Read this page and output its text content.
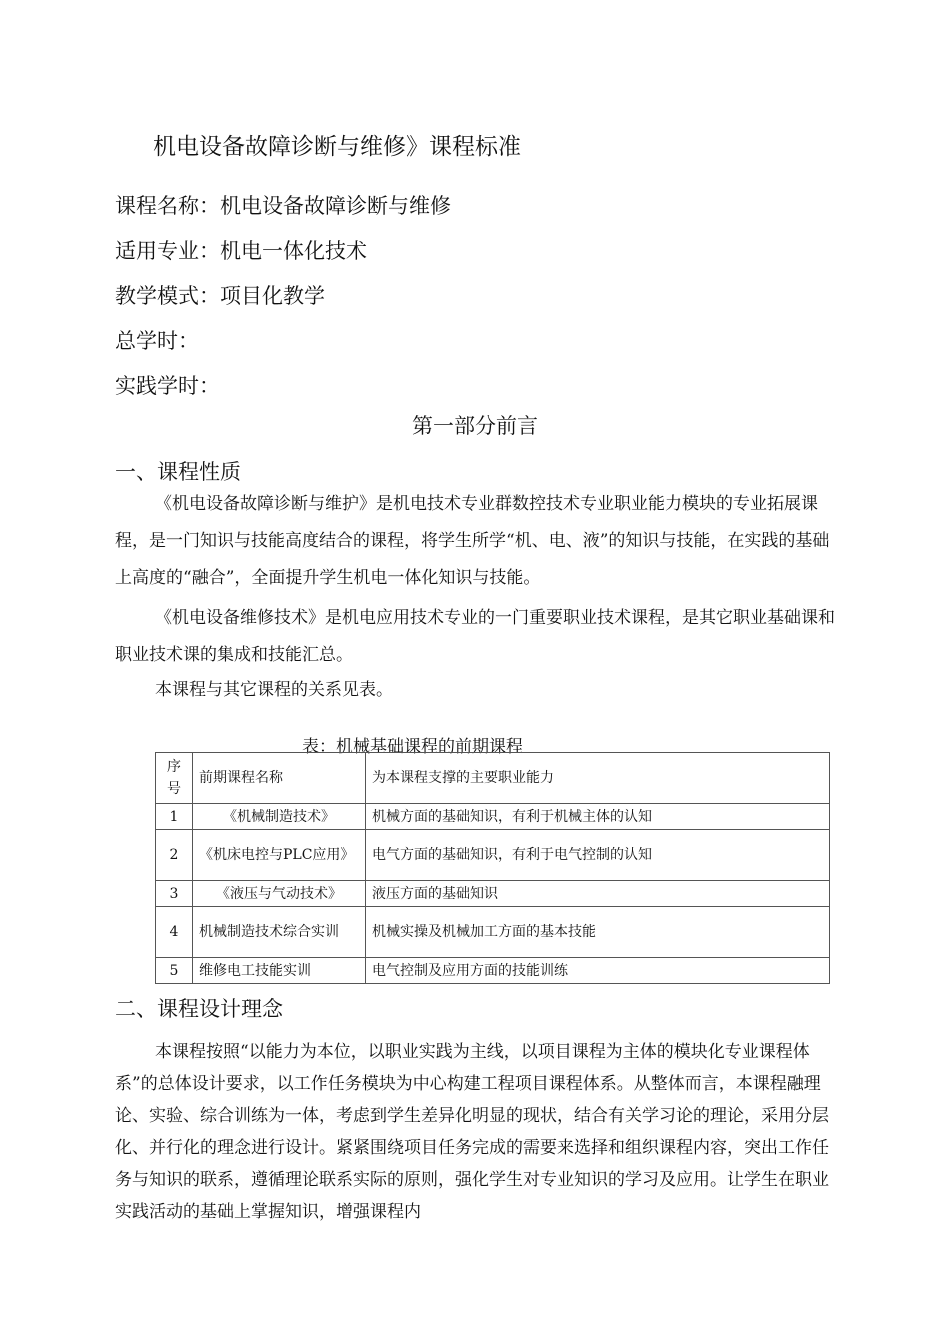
机电设备故障诊断与维修》课程标准
课程名称：机电设备故障诊断与维修
适用专业：机电一体化技术
教学模式：项目化教学
总学时：
实践学时：
第一部分前言
一、课程性质
《机电设备故障诊断与维护》是机电技术专业群数控技术专业职业能力模块的专业拓展课程，是一门知识与技能高度结合的课程，将学生所学“机、电、液”的知识与技能，在实践的基础上高度的“融合”，全面提升学生机电一体化知识与技能。
《机电设备维修技术》是机电应用技术专业的一门重要职业技术课程，是其它职业基础课和职业技术课的集成和技能汇总。
本课程与其它课程的关系见表。
表：机械基础课程的前期课程
序号	前期课程名称	为本课程支撑的主要职业能力
1	《机械制造技术》	机械方面的基础知识，有利于机械主体的认知
2	《机床电控与PLC应用》	电气方面的基础知识，有利于电气控制的认知
3	《液压与气动技术》	液压方面的基础知识
4	机械制造技术综合实训	机械实操及机械加工方面的基本技能
5	维修电工技能实训	电气控制及应用方面的技能训练
二、课程设计理念
本课程按照“以能力为本位，以职业实践为主线，以项目课程为主体的模块化专业课程体系”的总体设计要求，以工作任务模块为中心构建工程项目课程体系。从整体而言，本课程融理论、实验、综合训练为一体，考虑到学生差异化明显的现状，结合有关学习论的理论，采用分层化、并行化的理念进行设计。紧紧围绕项目任务完成的需要来选择和组织课程内容，突出工作任务与知识的联系，遵循理论联系实际的原则，强化学生对专业知识的学习及应用。让学生在职业实践活动的基础上掌握知识，增强课程内
